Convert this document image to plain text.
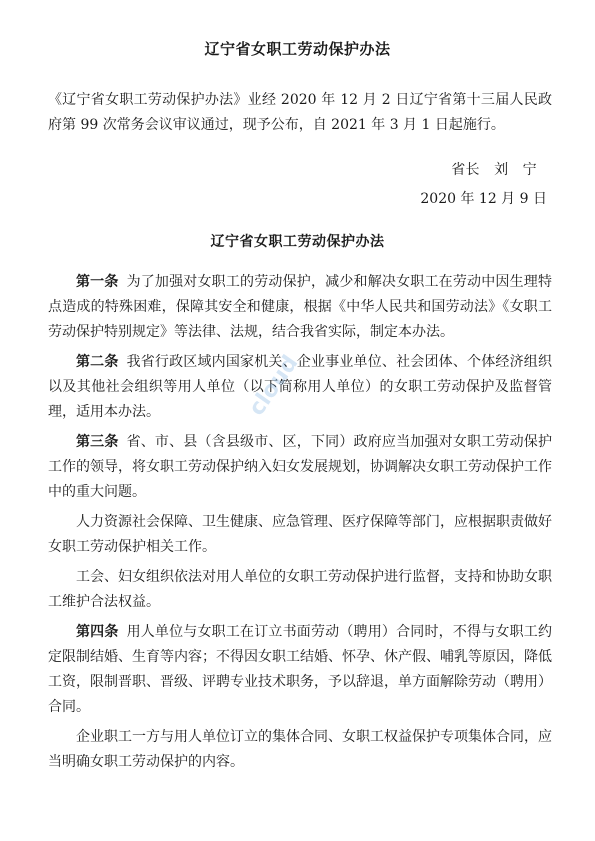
辽宁省女职工劳动保护办法
《辽宁省女职工劳动保护办法》业经 2020 年 12 月 2 日辽宁省第十三届人民政府第 99 次常务会议审议通过，现予公布，自 2021 年 3 月 1 日起施行。
省长　刘　宁
2020 年 12 月 9 日
辽宁省女职工劳动保护办法

第一条 为了加强对女职工的劳动保护，减少和解决女职工在劳动中因生理特点造成的特殊困难，保障其安全和健康，根据《中华人民共和国劳动法》《女职工劳动保护特别规定》等法律、法规，结合我省实际，制定本办法。

第二条 我省行政区域内国家机关、企业事业单位、社会团体、个体经济组织以及其他社会组织等用人单位（以下简称用人单位）的女职工劳动保护及监督管理，适用本办法。

第三条 省、市、县（含县级市、区，下同）政府应当加强对女职工劳动保护工作的领导，将女职工劳动保护纳入妇女发展规划，协调解决女职工劳动保护工作中的重大问题。

人力资源社会保障、卫生健康、应急管理、医疗保障等部门，应根据职责做好女职工劳动保护相关工作。

工会、妇女组织依法对用人单位的女职工劳动保护进行监督，支持和协助女职工维护合法权益。

第四条 用人单位与女职工在订立书面劳动（聘用）合同时，不得与女职工约定限制结婚、生育等内容；不得因女职工结婚、怀孕、休产假、哺乳等原因，降低工资，限制晋职、晋级、评聘专业技术职务，予以辞退，单方面解除劳动（聘用）合同。

企业职工一方与用人单位订立的集体合同、女职工权益保护专项集体合同，应当明确女职工劳动保护的内容。

cloud
